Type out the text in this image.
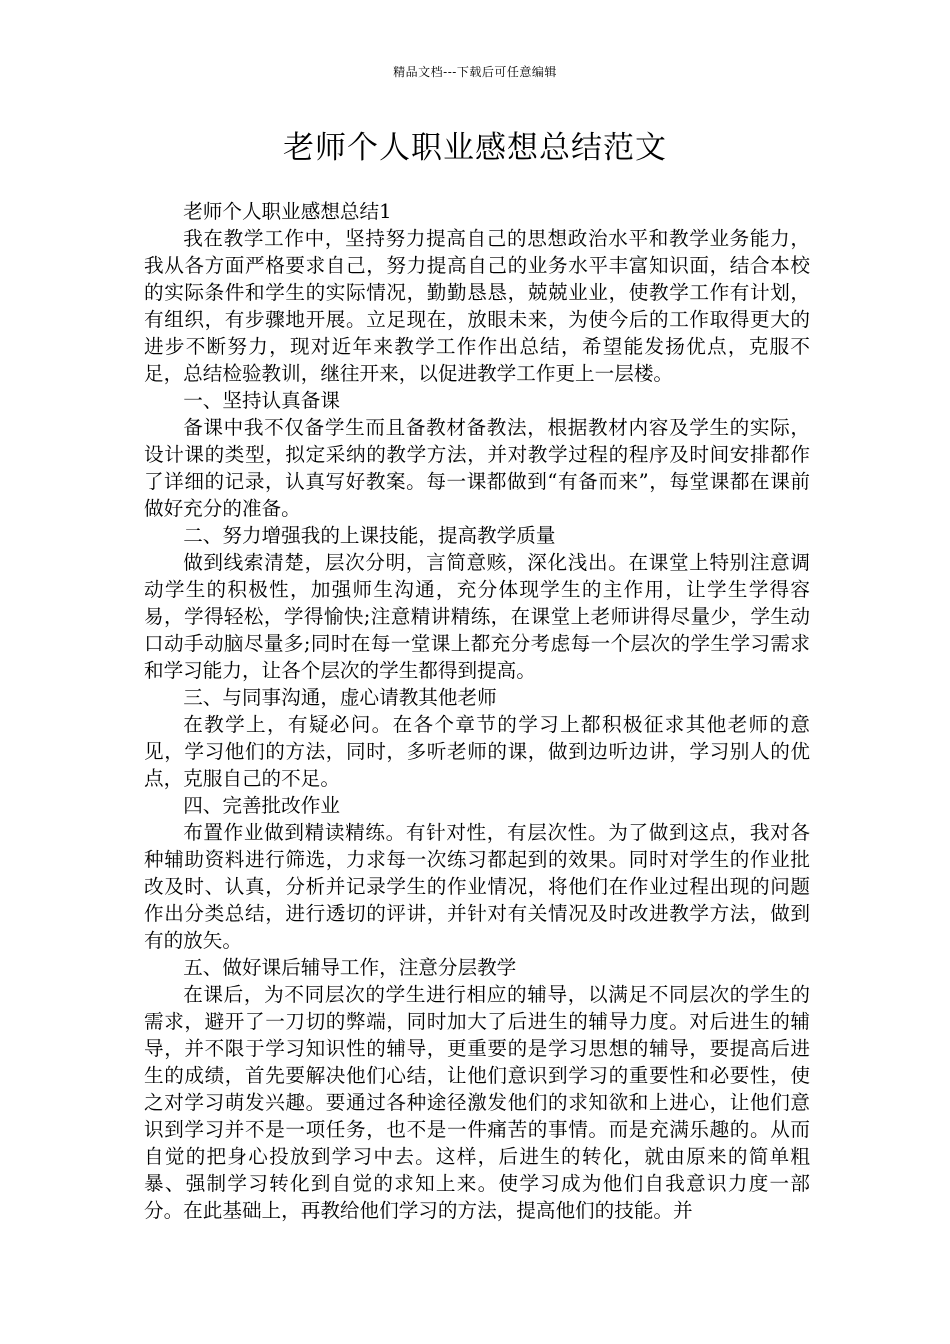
精品文档---下载后可任意编辑
老师个人职业感想总结范文

老师个人职业感想总结1

我在教学工作中，坚持努力提高自己的思想政治水平和教学业务能力，我从各方面严格要求自己，努力提高自己的业务水平丰富知识面，结合本校的实际条件和学生的实际情况，勤勤恳恳，兢兢业业，使教学工作有计划，有组织，有步骤地开展。立足现在，放眼未来，为使今后的工作取得更大的进步不断努力，现对近年来教学工作作出总结，希望能发扬优点，克服不足，总结检验教训，继往开来，以促进教学工作更上一层楼。

一、坚持认真备课

备课中我不仅备学生而且备教材备教法，根据教材内容及学生的实际，设计课的类型，拟定采纳的教学方法，并对教学过程的程序及时间安排都作了详细的记录，认真写好教案。每一课都做到“有备而来”，每堂课都在课前做好充分的准备。

二、努力增强我的上课技能，提高教学质量

做到线索清楚，层次分明，言简意赅，深化浅出。在课堂上特别注意调动学生的积极性，加强师生沟通，充分体现学生的主作用，让学生学得容易，学得轻松，学得愉快;注意精讲精练，在课堂上老师讲得尽量少，学生动口动手动脑尽量多;同时在每一堂课上都充分考虑每一个层次的学生学习需求和学习能力，让各个层次的学生都得到提高。

三、与同事沟通，虚心请教其他老师

在教学上，有疑必问。在各个章节的学习上都积极征求其他老师的意见，学习他们的方法，同时，多听老师的课，做到边听边讲，学习别人的优点，克服自己的不足。

四、完善批改作业

布置作业做到精读精练。有针对性，有层次性。为了做到这点，我对各种辅助资料进行筛选，力求每一次练习都起到的效果。同时对学生的作业批改及时、认真，分析并记录学生的作业情况，将他们在作业过程出现的问题作出分类总结，进行透切的评讲，并针对有关情况及时改进教学方法，做到有的放矢。

五、做好课后辅导工作，注意分层教学

在课后，为不同层次的学生进行相应的辅导，以满足不同层次的学生的需求，避开了一刀切的弊端，同时加大了后进生的辅导力度。对后进生的辅导，并不限于学习知识性的辅导，更重要的是学习思想的辅导，要提高后进生的成绩，首先要解决他们心结，让他们意识到学习的重要性和必要性，使之对学习萌发兴趣。要通过各种途径激发他们的求知欲和上进心，让他们意识到学习并不是一项任务，也不是一件痛苦的事情。而是充满乐趣的。从而自觉的把身心投放到学习中去。这样，后进生的转化，就由原来的简单粗暴、强制学习转化到自觉的求知上来。使学习成为他们自我意识力度一部分。在此基础上，再教给他们学习的方法，提高他们的技能。并
